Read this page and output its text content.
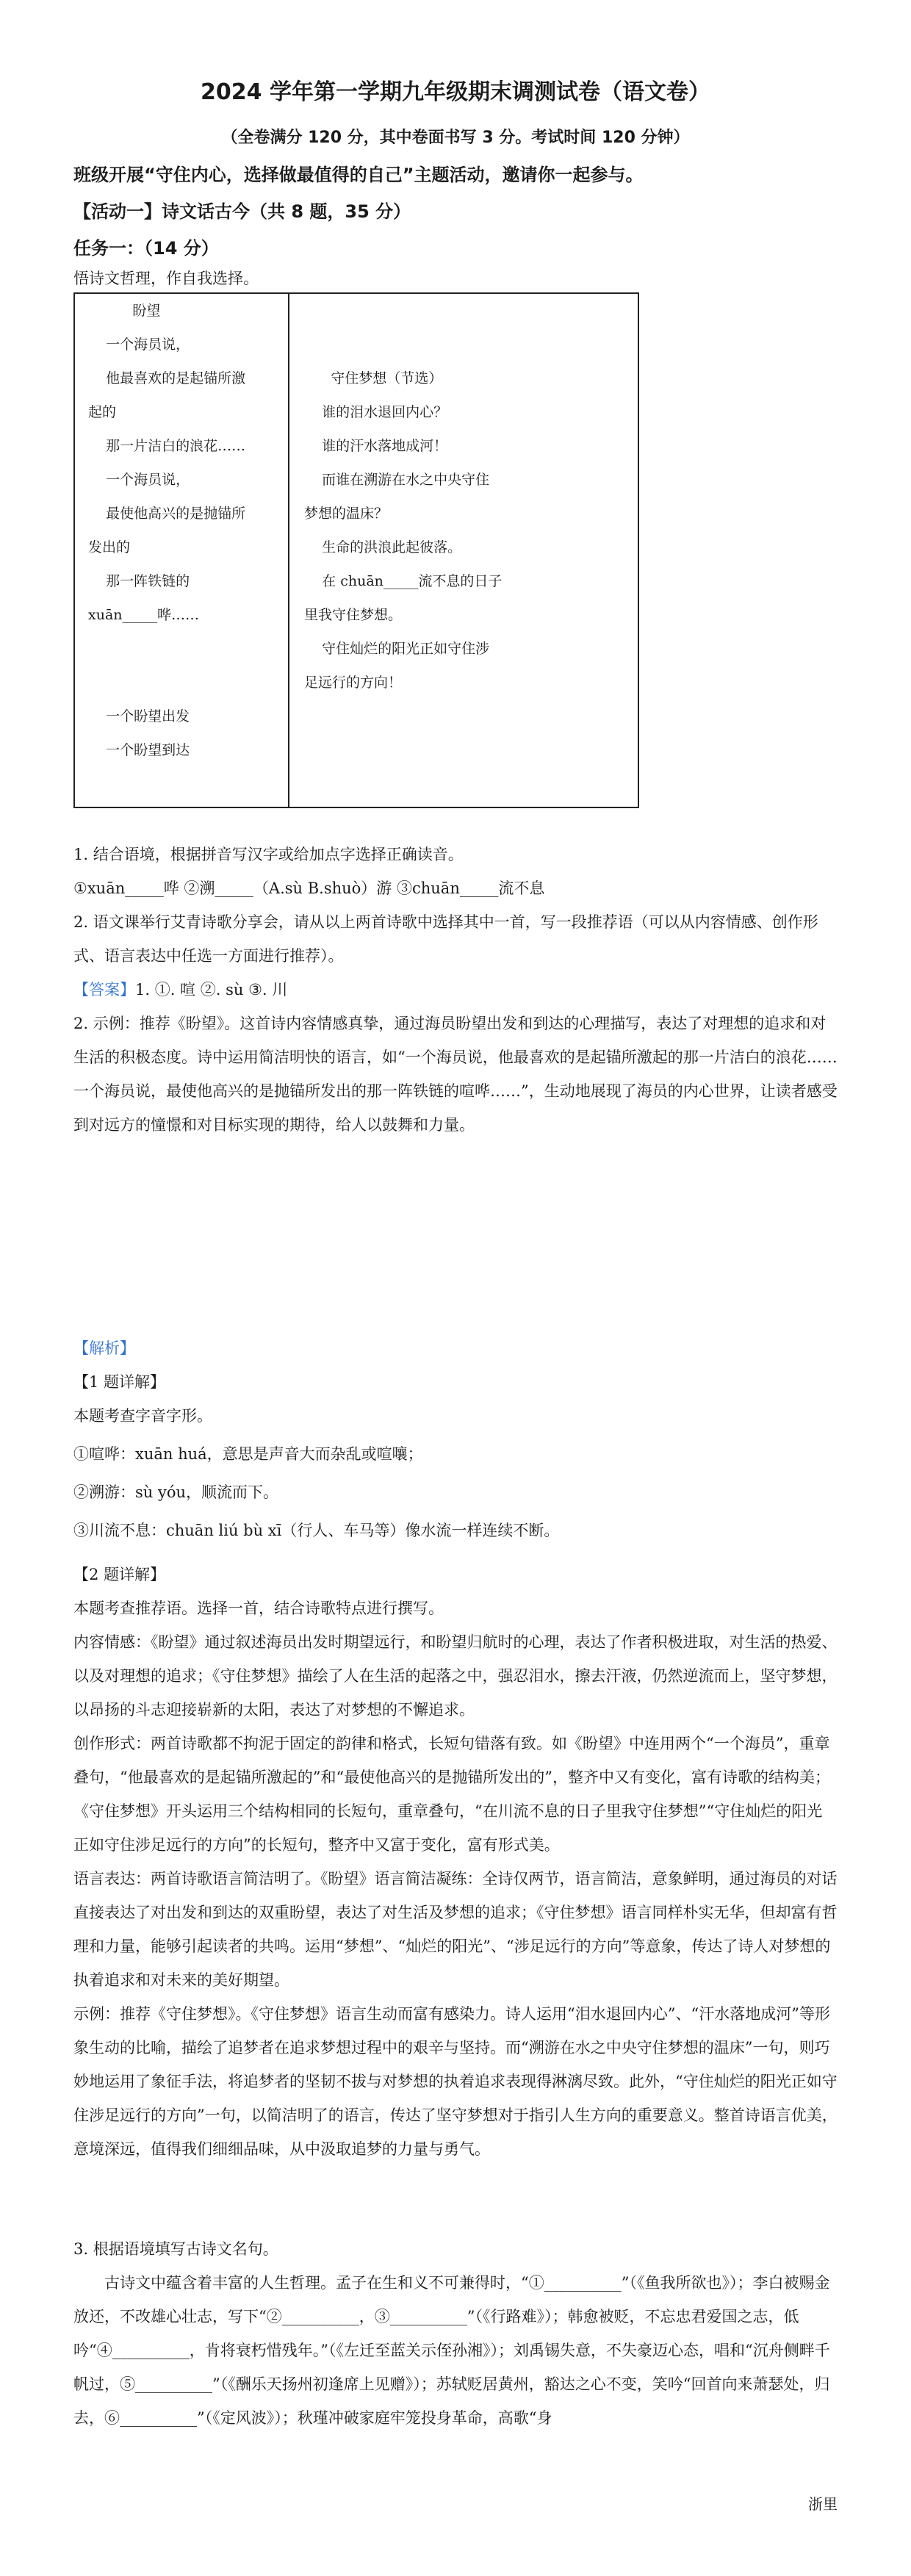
2024 学年第一学期九年级期末调测试卷（语文卷）
（全卷满分 120 分，其中卷面书写 3 分。考试时间 120 分钟）
班级开展“守住内心，选择做最值得的自己”主题活动，邀请你一起参与。
【活动一】诗文话古今（共 8 题，35 分）
任务一：（14 分）
悟诗文哲理，作自我选择。
盼望
一个海员说，
他最喜欢的是起锚所激
起的
那一片洁白的浪花……
一个海员说，
最使他高兴的是抛锚所
发出的
那一阵铁链的
xuān_____哗……

一个盼望出发
一个盼望到达

守住梦想（节选）
谁的泪水退回内心？
谁的汗水落地成河！
而谁在溯游在水之中央守住
梦想的温床？
生命的洪浪此起彼落。
在 chuān_____流不息的日子
里我守住梦想。
守住灿烂的阳光正如守住涉
足远行的方向！
1. 结合语境，根据拼音写汉字或给加点字选择正确读音。
①xuān_____哗 ②溯_____（A.sù B.shuò）游 ③chuān_____流不息
2. 语文课举行艾青诗歌分享会，请从以上两首诗歌中选择其中一首，写一段推荐语（可以从内容情感、创作形式、语言表达中任选一方面进行推荐）。
【答案】1. ①. 喧 ②. sù ③. 川
2. 示例：推荐《盼望》。这首诗内容情感真挚，通过海员盼望出发和到达的心理描写，表达了对理想的追求和对生活的积极态度。诗中运用简洁明快的语言，如“一个海员说，他最喜欢的是起锚所激起的那一片洁白的浪花……一个海员说，最使他高兴的是抛锚所发出的那一阵铁链的喧哗……”，生动地展现了海员的内心世界，让读者感受到对远方的憧憬和对目标实现的期待，给人以鼓舞和力量。
【解析】
【1 题详解】
本题考查字音字形。

①喧哗：xuān huá，意思是声音大而杂乱或喧嚷；

②溯游：sù yóu，顺流而下。

③川流不息：chuān liú bù xī（行人、车马等）像水流一样连续不断。

【2 题详解】
本题考查推荐语。选择一首，结合诗歌特点进行撰写。

内容情感：《盼望》通过叙述海员出发时期望远行，和盼望归航时的心理，表达了作者积极进取，对生活的热爱、以及对理想的追求；《守住梦想》描绘了人在生活的起落之中，强忍泪水，擦去汗液，仍然逆流而上，坚守梦想，以昂扬的斗志迎接崭新的太阳，表达了对梦想的不懈追求。

创作形式：两首诗歌都不拘泥于固定的韵律和格式，长短句错落有致。如《盼望》中连用两个“一个海员”，重章叠句，“他最喜欢的是起锚所激起的”和“最使他高兴的是抛锚所发出的”，整齐中又有变化，富有诗歌的结构美；《守住梦想》开头运用三个结构相同的长短句，重章叠句，“在川流不息的日子里我守住梦想”“守住灿烂的阳光正如守住涉足远行的方向”的长短句，整齐中又富于变化，富有形式美。

语言表达：两首诗歌语言简洁明了。《盼望》语言简洁凝练：全诗仅两节，语言简洁，意象鲜明，通过海员的对话直接表达了对出发和到达的双重盼望，表达了对生活及梦想的追求；《守住梦想》语言同样朴实无华，但却富有哲理和力量，能够引起读者的共鸣。运用“梦想”、“灿烂的阳光”、“涉足远行的方向”等意象，传达了诗人对梦想的执着追求和对未来的美好期望。

示例：推荐《守住梦想》。《守住梦想》语言生动而富有感染力。诗人运用“泪水退回内心”、“汗水落地成河”等形象生动的比喻，描绘了追梦者在追求梦想过程中的艰辛与坚持。而“溯游在水之中央守住梦想的温床”一句，则巧妙地运用了象征手法，将追梦者的坚韧不拔与对梦想的执着追求表现得淋漓尽致。此外，“守住灿烂的阳光正如守住涉足远行的方向”一句，以简洁明了的语言，传达了坚守梦想对于指引人生方向的重要意义。整首诗语言优美，意境深远，值得我们细细品味，从中汲取追梦的力量与勇气。

3. 根据语境填写古诗文名句。
古诗文中蕴含着丰富的人生哲理。孟子在生和义不可兼得时，“①__________”（《鱼我所欲也》）；李白被赐金放还，不改雄心壮志，写下“②__________，③__________”（《行路难》）；韩愈被贬，不忘忠君爱国之志，低吟“④__________，肯将衰朽惜残年。”（《左迁至蓝关示侄孙湘》）；刘禹锡失意，不失豪迈心态，唱和“沉舟侧畔千帆过，⑤__________”（《酬乐天扬州初逢席上见赠》）；苏轼贬居黄州，豁达之心不变，笑吟“回首向来萧瑟处，归去，⑥__________”（《定风波》）；秋瑾冲破家庭牢笼投身革命，高歌“身
浙里
